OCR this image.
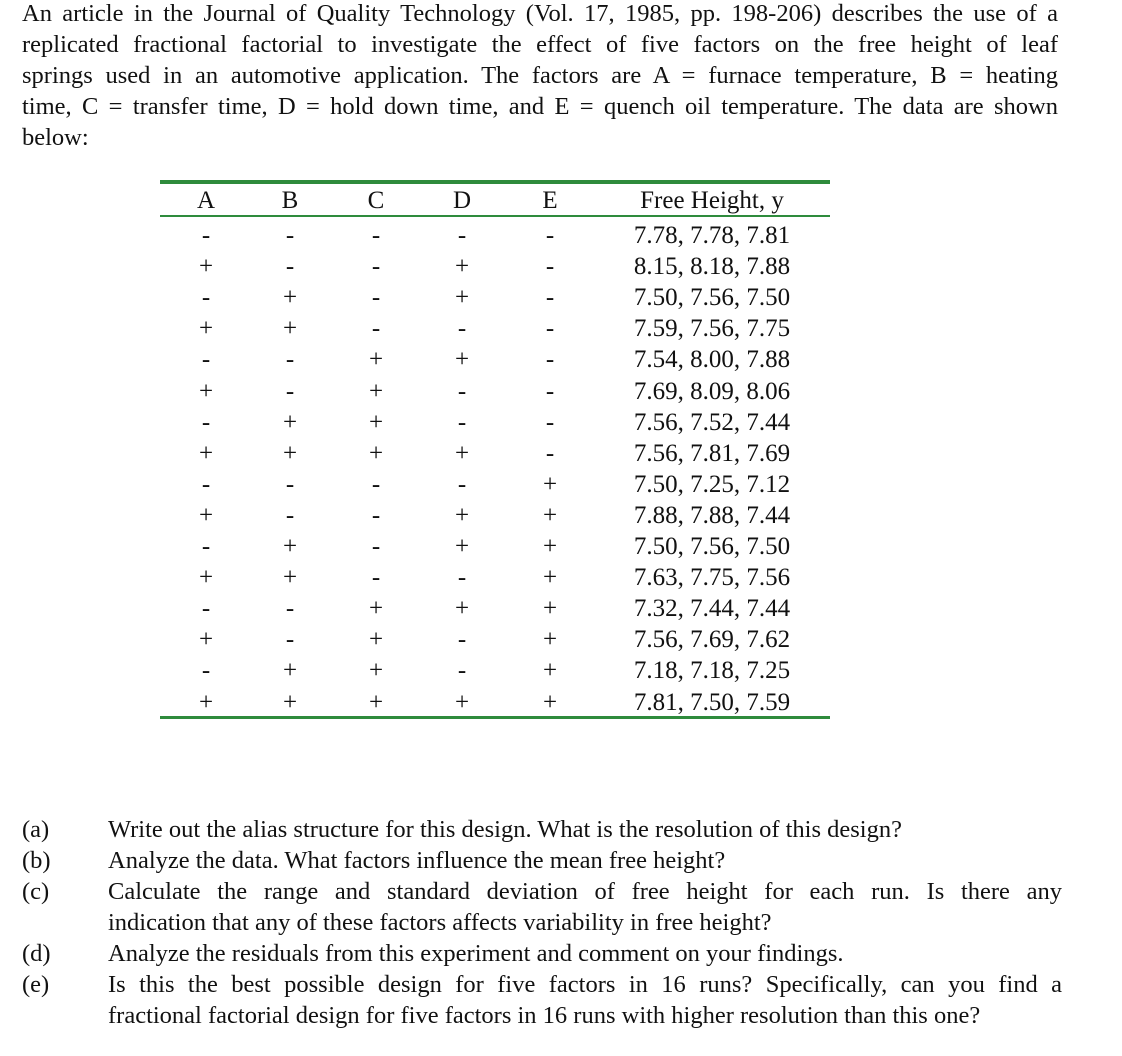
An article in the Journal of Quality Technology (Vol. 17, 1985, pp. 198-206) describes the use of a
replicated fractional factorial to investigate the effect of five factors on the free height of leaf
springs used in an automotive application. The factors are A = furnace temperature, B = heating
time, C = transfer time, D = hold down time, and E = quench oil temperature. The data are shown
below:
A	B	C	D	E	Free Height, y
-	-	-	-	-	7.78, 7.78, 7.81
+	-	-	+	-	8.15, 8.18, 7.88
-	+	-	+	-	7.50, 7.56, 7.50
+	+	-	-	-	7.59, 7.56, 7.75
-	-	+	+	-	7.54, 8.00, 7.88
+	-	+	-	-	7.69, 8.09, 8.06
-	+	+	-	-	7.56, 7.52, 7.44
+	+	+	+	-	7.56, 7.81, 7.69
-	-	-	-	+	7.50, 7.25, 7.12
+	-	-	+	+	7.88, 7.88, 7.44
-	+	-	+	+	7.50, 7.56, 7.50
+	+	-	-	+	7.63, 7.75, 7.56
-	-	+	+	+	7.32, 7.44, 7.44
+	-	+	-	+	7.56, 7.69, 7.62
-	+	+	-	+	7.18, 7.18, 7.25
+	+	+	+	+	7.81, 7.50, 7.59
(a)	Write out the alias structure for this design. What is the resolution of this design?
(b)	Analyze the data. What factors influence the mean free height?
(c)	Calculate the range and standard deviation of free height for each run. Is there any
indication that any of these factors affects variability in free height?
(d)	Analyze the residuals from this experiment and comment on your findings.
(e)	Is this the best possible design for five factors in 16 runs? Specifically, can you find a
fractional factorial design for five factors in 16 runs with higher resolution than this one?
